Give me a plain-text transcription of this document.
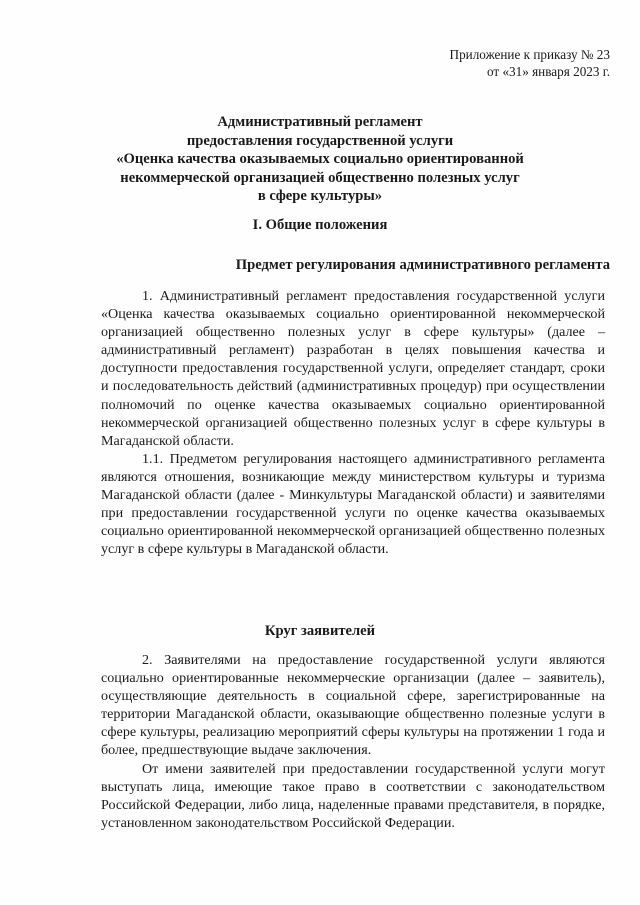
Приложение к приказу № 23
от «31» января 2023 г.
Административный регламент
предоставления государственной услуги
«Оценка качества оказываемых социально ориентированной
некоммерческой организацией общественно полезных услуг
в сфере культуры»
I. Общие положения
Предмет регулирования административного регламента

1. Административный регламент предоставления государственной услуги «Оценка качества оказываемых социально ориентированной некоммерческой организацией общественно полезных услуг в сфере культуры» (далее – административный регламент) разработан в целях повышения качества и доступности предоставления государственной услуги, определяет стандарт, сроки и последовательность действий (административных процедур) при осуществлении полномочий по оценке качества оказываемых социально ориентированной некоммерческой организацией общественно полезных услуг в сфере культуры в Магаданской области.

1.1. Предметом регулирования настоящего административного регламента являются отношения, возникающие между министерством культуры и туризма Магаданской области (далее - Минкультуры Магаданской области) и заявителями при предоставлении государственной услуги по оценке качества оказываемых социально ориентированной некоммерческой организацией общественно полезных услуг в сфере культуры в Магаданской области.

Круг заявителей

2. Заявителями на предоставление государственной услуги являются социально ориентированные некоммерческие организации (далее – заявитель), осуществляющие деятельность в социальной сфере, зарегистрированные на территории Магаданской области, оказывающие общественно полезные услуги в сфере культуры, реализацию мероприятий сферы культуры на протяжении 1 года и более, предшествующие выдаче заключения.

От имени заявителей при предоставлении государственной услуги могут выступать лица, имеющие такое право в соответствии с законодательством Российской Федерации, либо лица, наделенные правами представителя, в порядке, установленном законодательством Российской Федерации.
